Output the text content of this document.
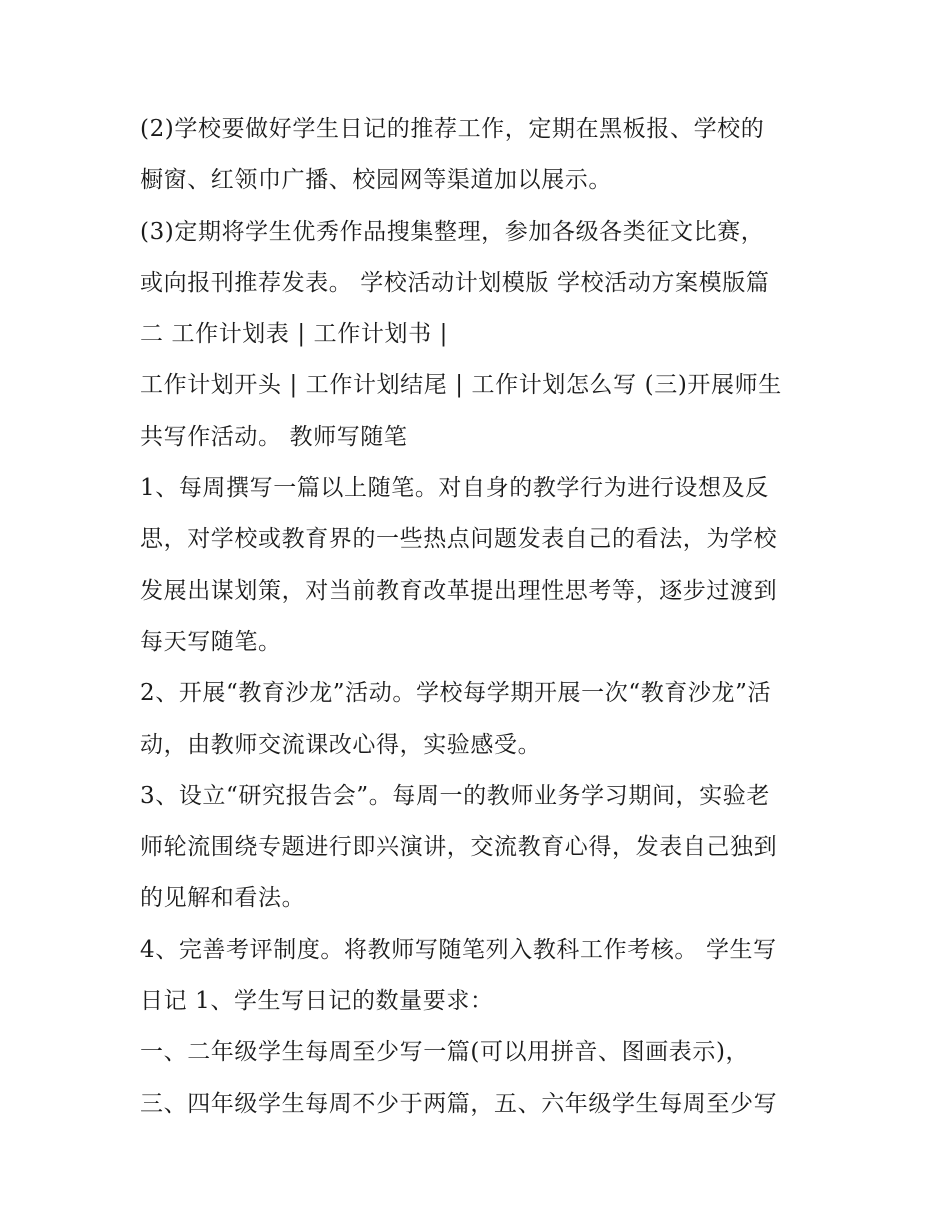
(2)学校要做好学生日记的推荐工作，定期在黑板报、学校的
橱窗、红领巾广播、校园网等渠道加以展示。
(3)定期将学生优秀作品搜集整理，参加各级各类征文比赛，
或向报刊推荐发表。 学校活动计划模版 学校活动方案模版篇
二 工作计划表 | 工作计划书 |
工作计划开头 | 工作计划结尾 | 工作计划怎么写 (三)开展师生
共写作活动。 教师写随笔
1、每周撰写一篇以上随笔。对自身的教学行为进行设想及反
思，对学校或教育界的一些热点问题发表自己的看法，为学校
发展出谋划策，对当前教育改革提出理性思考等，逐步过渡到
每天写随笔。
2、开展“教育沙龙”活动。学校每学期开展一次“教育沙龙”活
动，由教师交流课改心得，实验感受。
3、设立“研究报告会”。每周一的教师业务学习期间，实验老
师轮流围绕专题进行即兴演讲，交流教育心得，发表自己独到
的见解和看法。
4、完善考评制度。将教师写随笔列入教科工作考核。 学生写
日记 1、学生写日记的数量要求：
一、二年级学生每周至少写一篇(可以用拼音、图画表示)，
三、四年级学生每周不少于两篇，五、六年级学生每周至少写
